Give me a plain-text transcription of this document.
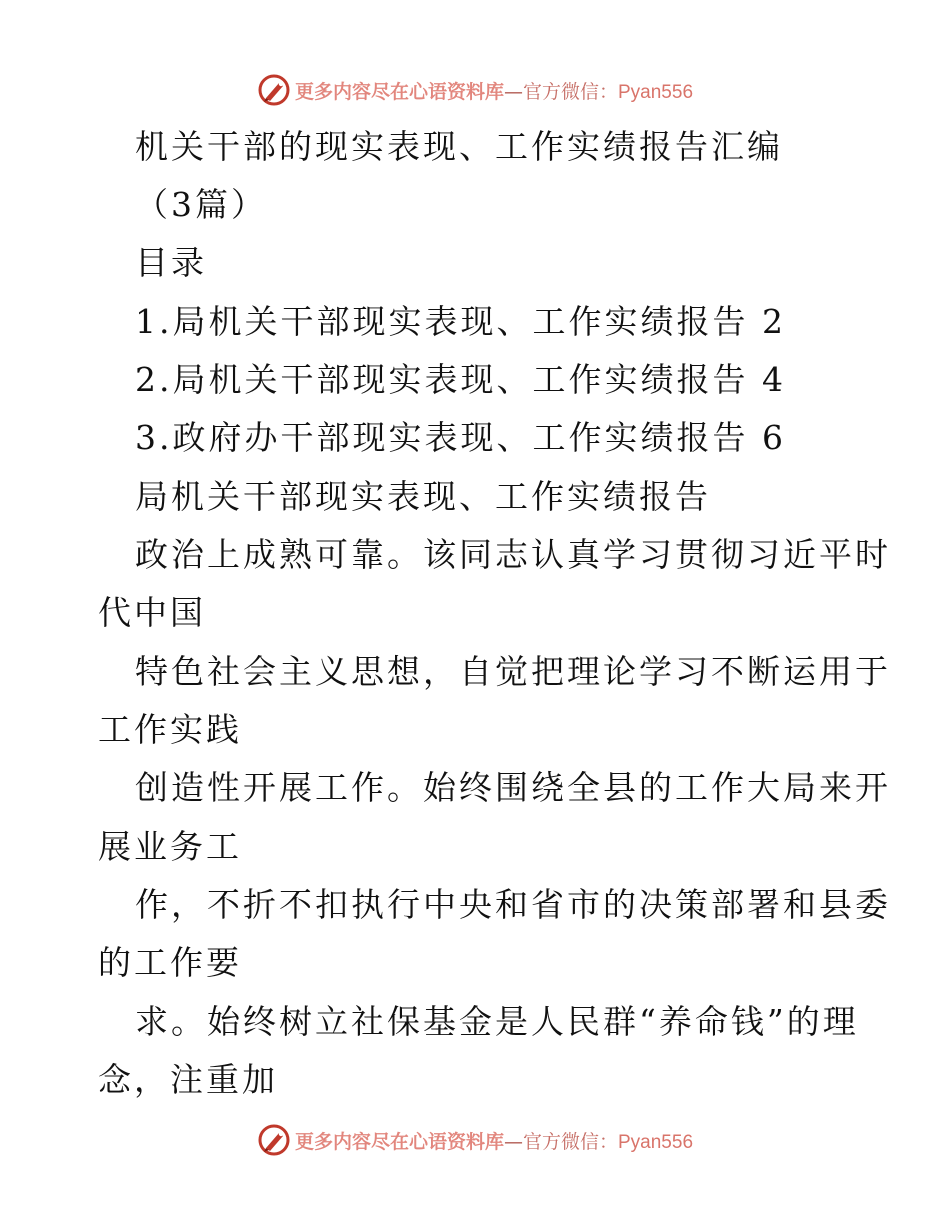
更多内容尽在心语资料库—官方微信：Pyan556
机关干部的现实表现、工作实绩报告汇编
（3篇）
目录
1.局机关干部现实表现、工作实绩报告 2
2.局机关干部现实表现、工作实绩报告 4
3.政府办干部现实表现、工作实绩报告 6
局机关干部现实表现、工作实绩报告
政治上成熟可靠。该同志认真学习贯彻习近平时
代中国
特色社会主义思想，自觉把理论学习不断运用于
工作实践
创造性开展工作。始终围绕全县的工作大局来开
展业务工
作，不折不扣执行中央和省市的决策部署和县委
的工作要
求。始终树立社保基金是人民群“养命钱”的理
念，注重加
更多内容尽在心语资料库—官方微信：Pyan556
